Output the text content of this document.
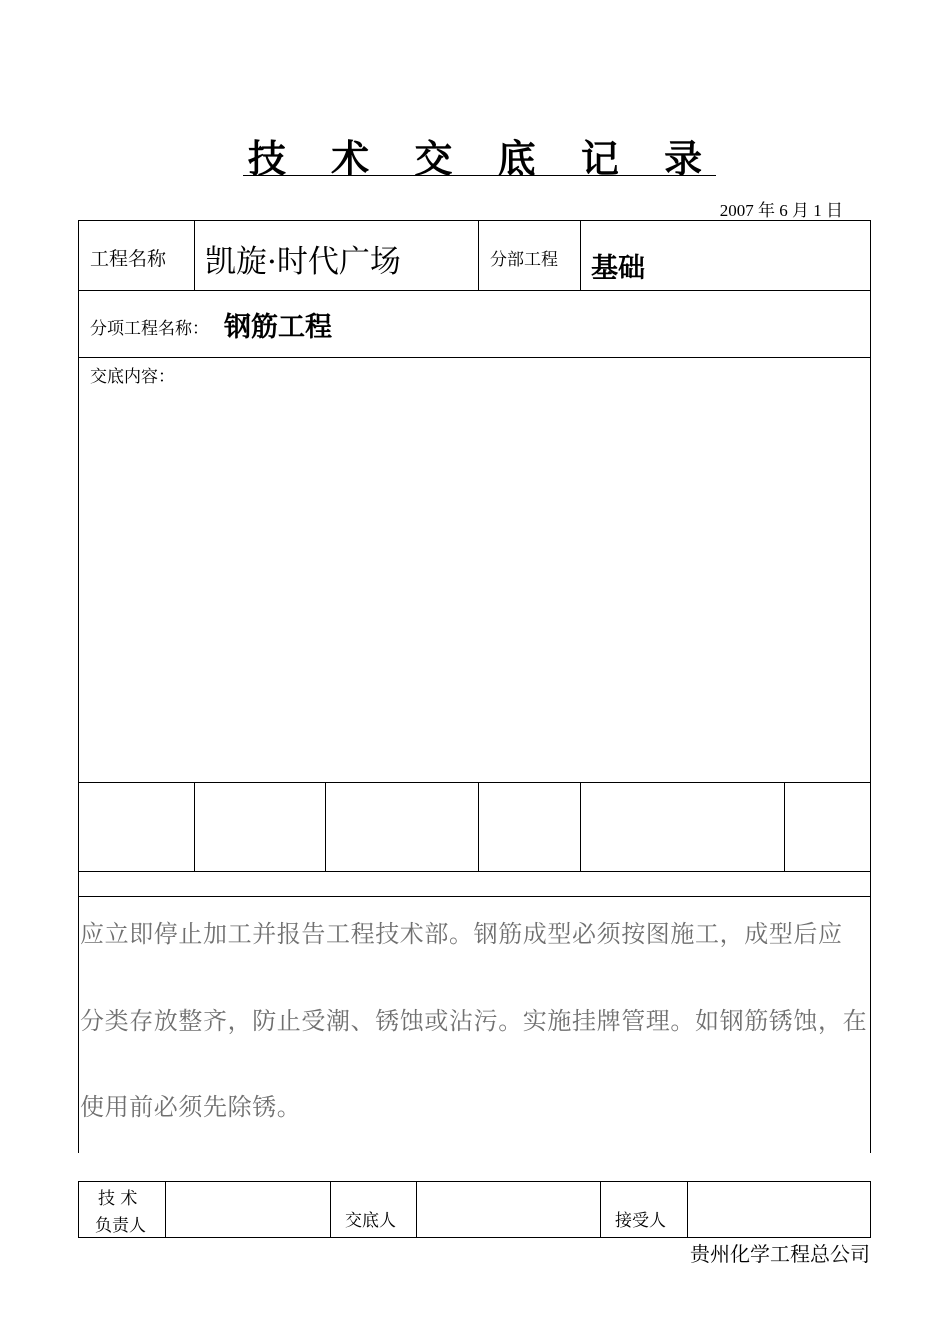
技 术 交 底 记 录
2007 年 6 月 1 日
工程名称 凯旋·时代广场	分部工程 基础
分项工程名称： 钢筋工程
交底内容：
应立即停止加工并报告工程技术部。钢筋成型必须按图施工，成型后应
分类存放整齐，防止受潮、锈蚀或沾污。实施挂牌管理。如钢筋锈蚀，在
使用前必须先除锈。
技 术
负责人	交底人	接受人
贵州化学工程总公司
